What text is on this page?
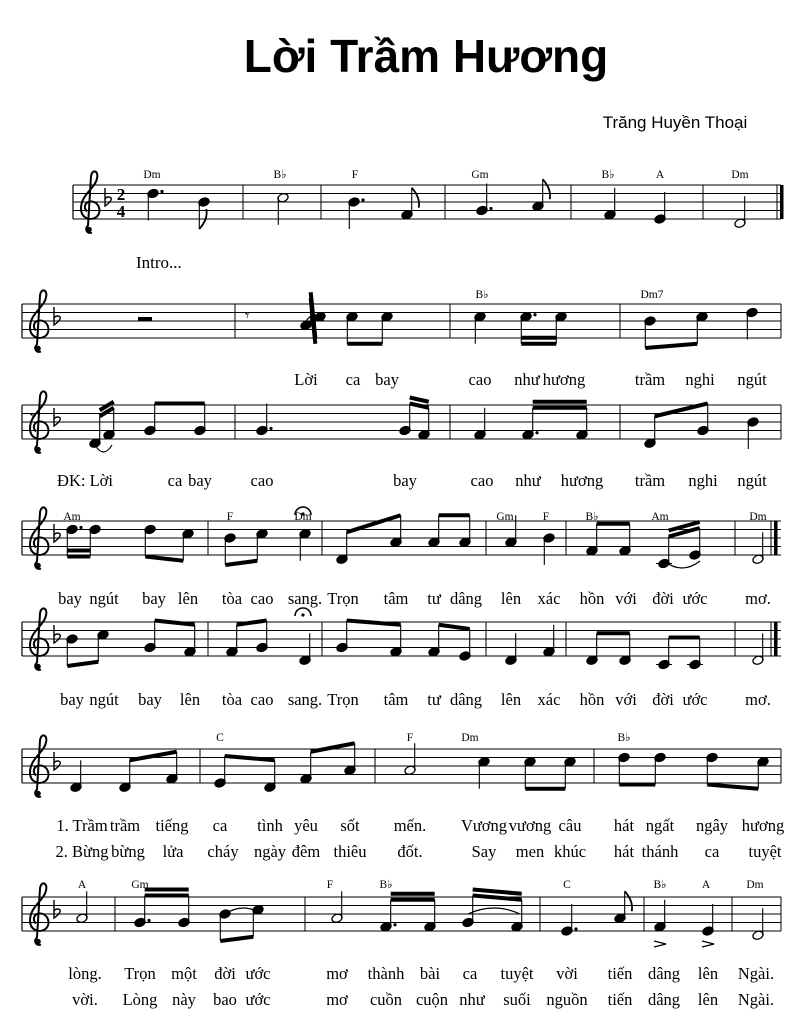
Lời Trầm Hương
Trăng Huyền Thoại
Intro...
2
4
𝄾
𝄾
Dm	B♭	F	Gm	B♭	A	Dm
B♭	Dm7
Am	F	Dm	Gm	F	B♭	Am	Dm
C	F	Dm	B♭
A	Gm	F	B♭	C	B♭	A	Dm
Lời ca bay	cao như hương	trầm nghi ngút
ĐK: Lời	ca bay cao	bay	cao như hương trầm nghi ngút
bay ngút bay lên tòa cao sang. Trọn tâm tư dâng lên xác hồn với đời ước mơ.
bay ngút bay lên tòa cao sang. Trọn tâm tư dâng lên xác hồn với đời ước mơ.
1. Trầm trầm tiếng ca tình yêu sốt mến. Vương vương câu hát ngất ngây hương
2. Bừng bừng lửa cháy ngày đêm thiêu đốt.	Say men khúc hát thánh ca tuyệt
lòng. Trọn một đời ước	mơ thành bài ca tuyệt vời tiến dâng lên Ngài.
vời. Lòng này bao ước	mơ cuồn cuộn như suối nguồn tiến dâng lên Ngài.
